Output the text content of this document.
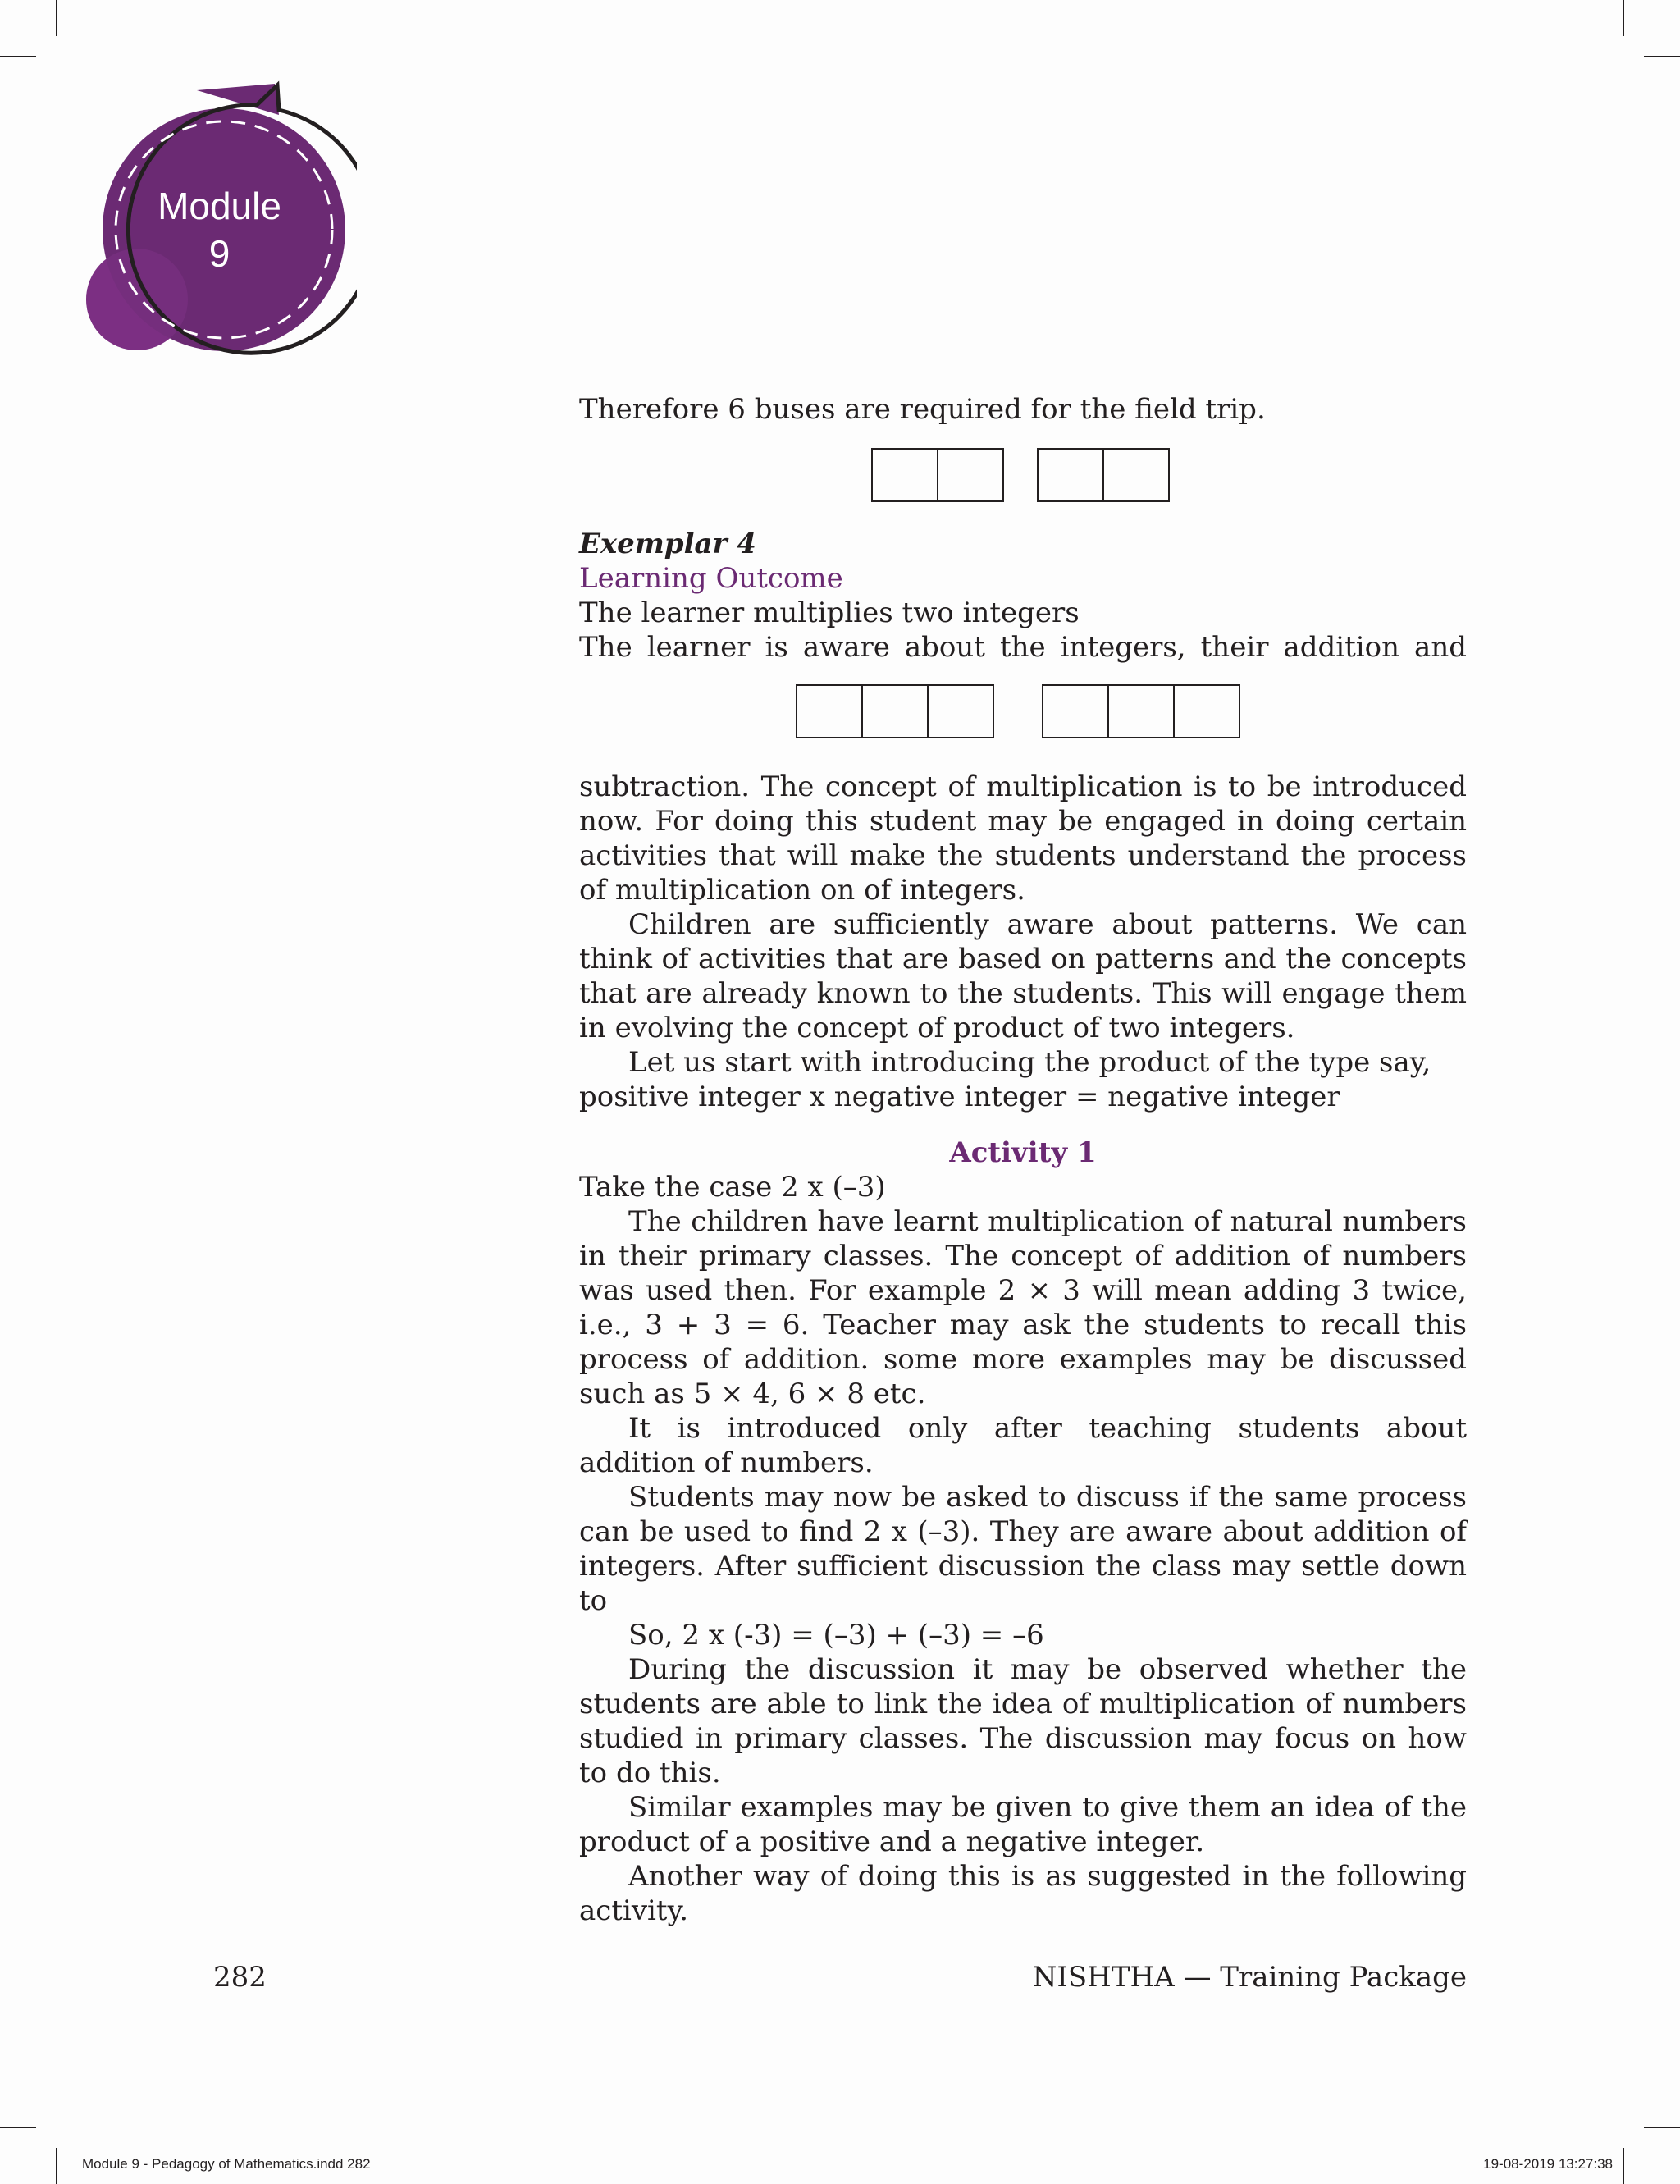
Module
9

Therefore 6 buses are required for the field trip.

Exemplar 4

Learning Outcome

The learner multiplies two integers

The learner is aware about the integers, their addition and

subtraction. The concept of multiplication is to be introduced now. For doing this student may be engaged in doing certain activities that will make the students understand the process of multiplication on of integers.

Children are sufficiently aware about patterns. We can think of activities that are based on patterns and the concepts that are already known to the students. This will engage them in evolving the concept of product of two integers.

Let us start with introducing the product of the type say,

positive integer x negative integer = negative integer

Activity 1

Take the case 2 x (–3)

The children have learnt multiplication of natural numbers in their primary classes. The concept of addition of numbers was used then. For example 2 × 3 will mean adding 3 twice, i.e., 3 + 3 = 6. Teacher may ask the students to recall this process of addition. some more examples may be discussed such as 5 × 4, 6 × 8 etc.

It is introduced only after teaching students about addition of numbers.

Students may now be asked to discuss if the same process can be used to find 2 x (–3). They are aware about addition of integers. After sufficient discussion the class may settle down to

So, 2 x (-3) = (–3) + (–3) = –6

During the discussion it may be observed whether the students are able to link the idea of multiplication of numbers studied in primary classes. The discussion may focus on how to do this.

Similar examples may be given to give them an idea of the product of a positive and a negative integer.

Another way of doing this is as suggested in the following activity.

282	NISHTHA — Training Package
Module 9 - Pedagogy of Mathematics.indd 282	19-08-2019 13:27:38
